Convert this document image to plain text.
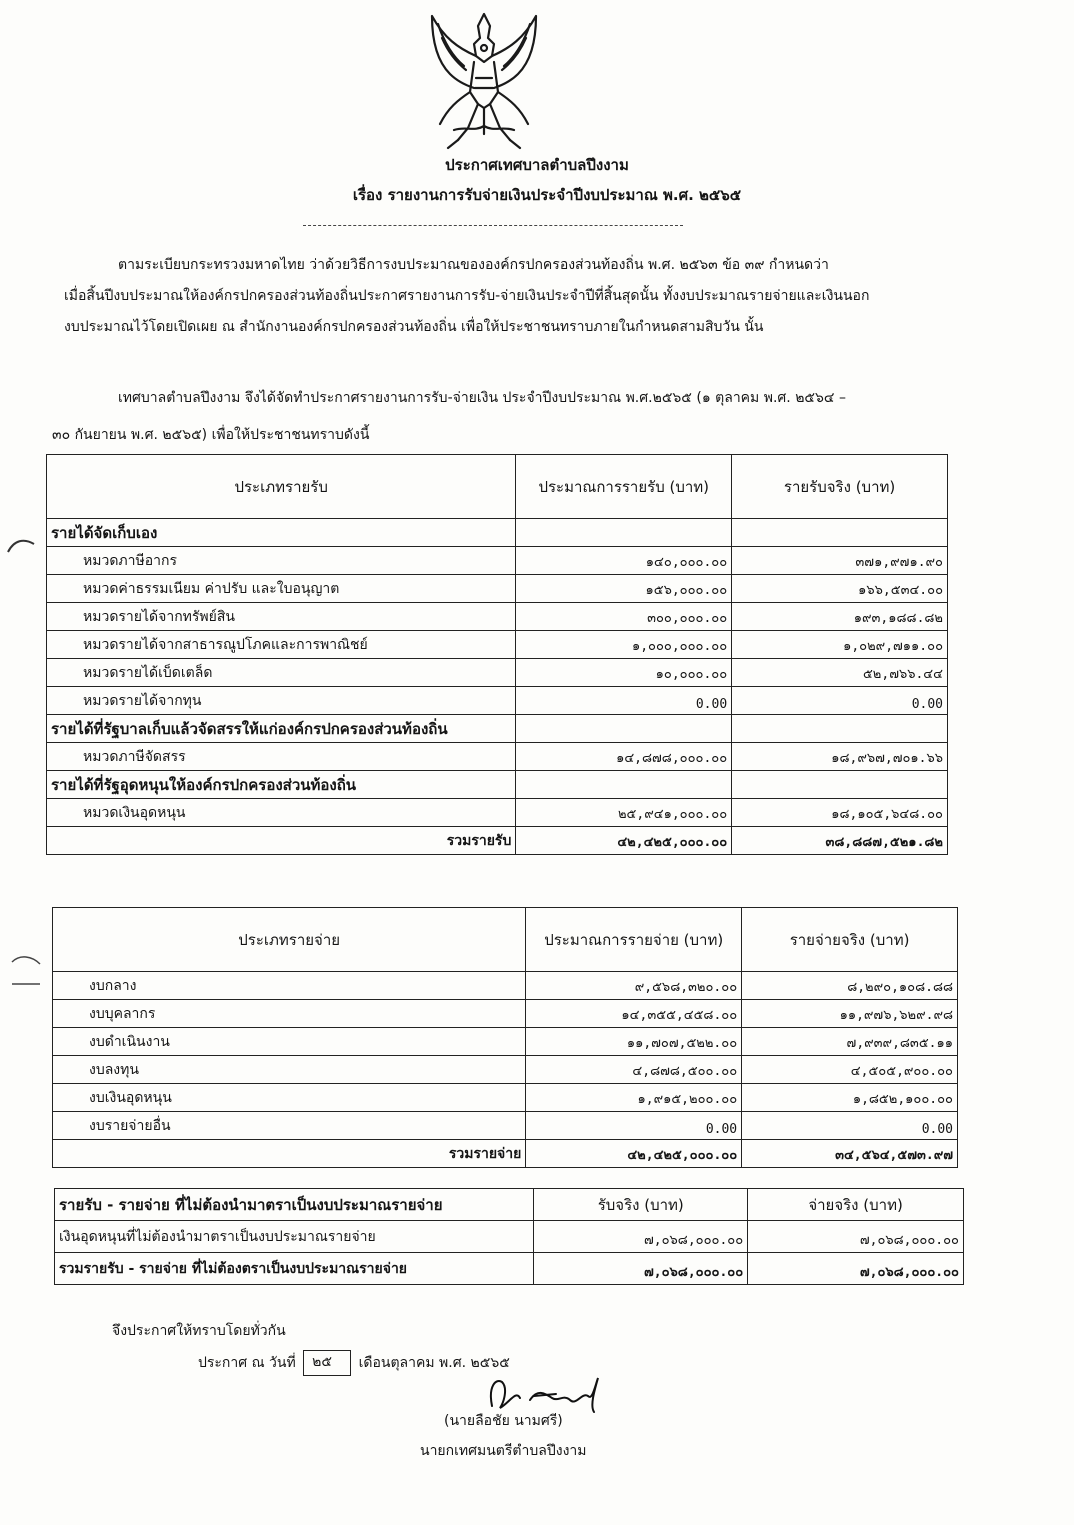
ประกาศเทศบาลตำบลปึงงาม
เรื่อง รายงานการรับจ่ายเงินประจำปีงบประมาณ พ.ศ. ๒๕๖๕
ตามระเบียบกระทรวงมหาดไทย ว่าด้วยวิธีการงบประมาณขององค์กรปกครองส่วนท้องถิ่น พ.ศ. ๒๕๖๓ ข้อ ๓๙ กำหนดว่า
เมื่อสิ้นปีงบประมาณให้องค์กรปกครองส่วนท้องถิ่นประกาศรายงานการรับ-จ่ายเงินประจำปีที่สิ้นสุดนั้น ทั้งงบประมาณรายจ่ายและเงินนอก
งบประมาณไว้โดยเปิดเผย ณ สำนักงานองค์กรปกครองส่วนท้องถิ่น เพื่อให้ประชาชนทราบภายในกำหนดสามสิบวัน นั้น
เทศบาลตำบลปึงงาม จึงได้จัดทำประกาศรายงานการรับ-จ่ายเงิน ประจำปีงบประมาณ พ.ศ.๒๕๖๕ (๑ ตุลาคม พ.ศ. ๒๕๖๔ –
๓๐ กันยายน พ.ศ. ๒๕๖๕) เพื่อให้ประชาชนทราบดังนี้
ประเภทรายรับ	ประมาณการรายรับ (บาท)	รายรับจริง (บาท)
รายได้จัดเก็บเอง		
หมวดภาษีอากร	๑๔๐,๐๐๐.๐๐	๓๗๑,๙๗๑.๙๐
หมวดค่าธรรมเนียม ค่าปรับ และใบอนุญาต	๑๕๖,๐๐๐.๐๐	๑๖๖,๕๓๔.๐๐
หมวดรายได้จากทรัพย์สิน	๓๐๐,๐๐๐.๐๐	๑๙๓,๑๘๘.๘๒
หมวดรายได้จากสาธารณูปโภคและการพาณิชย์	๑,๐๐๐,๐๐๐.๐๐	๑,๐๒๙,๗๑๑.๐๐
หมวดรายได้เบ็ดเตล็ด	๑๐,๐๐๐.๐๐	๕๒,๗๖๖.๔๔
หมวดรายได้จากทุน	0.00	0.00
รายได้ที่รัฐบาลเก็บแล้วจัดสรรให้แก่องค์กรปกครองส่วนท้องถิ่น		
หมวดภาษีจัดสรร	๑๔,๘๗๘,๐๐๐.๐๐	๑๘,๙๖๗,๗๐๑.๖๖
รายได้ที่รัฐอุดหนุนให้องค์กรปกครองส่วนท้องถิ่น		
หมวดเงินอุดหนุน	๒๕,๙๔๑,๐๐๐.๐๐	๑๘,๑๐๕,๖๔๘.๐๐
รวมรายรับ	๔๒,๔๒๕,๐๐๐.๐๐	๓๘,๘๘๗,๕๒๑.๘๒
ประเภทรายจ่าย	ประมาณการรายจ่าย (บาท)	รายจ่ายจริง (บาท)
งบกลาง	๙,๕๖๘,๓๒๐.๐๐	๘,๒๙๐,๑๐๘.๘๘
งบบุคลากร	๑๔,๓๕๕,๔๕๘.๐๐	๑๑,๙๗๖,๖๒๙.๙๘
งบดำเนินงาน	๑๑,๗๐๗,๕๒๒.๐๐	๗,๙๓๙,๘๓๕.๑๑
งบลงทุน	๔,๘๗๘,๕๐๐.๐๐	๔,๕๐๕,๙๐๐.๐๐
งบเงินอุดหนุน	๑,๙๑๕,๒๐๐.๐๐	๑,๘๕๒,๑๐๐.๐๐
งบรายจ่ายอื่น	0.00	0.00
รวมรายจ่าย	๔๒,๔๒๕,๐๐๐.๐๐	๓๔,๕๖๔,๕๗๓.๙๗
รายรับ - รายจ่าย ที่ไม่ต้องนำมาตราเป็นงบประมาณรายจ่าย	รับจริง (บาท)	จ่ายจริง (บาท)
เงินอุดหนุนที่ไม่ต้องนำมาตราเป็นงบประมาณรายจ่าย	๗,๐๖๘,๐๐๐.๐๐	๗,๐๖๘,๐๐๐.๐๐
รวมรายรับ - รายจ่าย ที่ไม่ต้องตราเป็นงบประมาณรายจ่าย	๗,๐๖๘,๐๐๐.๐๐	๗,๐๖๘,๐๐๐.๐๐
จึงประกาศให้ทราบโดยทั่วกัน
ประกาศ ณ วันที่ ๒๕ เดือนตุลาคม พ.ศ. ๒๕๖๕
(นายลือชัย นามศรี)
นายกเทศมนตรีตำบลปึงงาม
